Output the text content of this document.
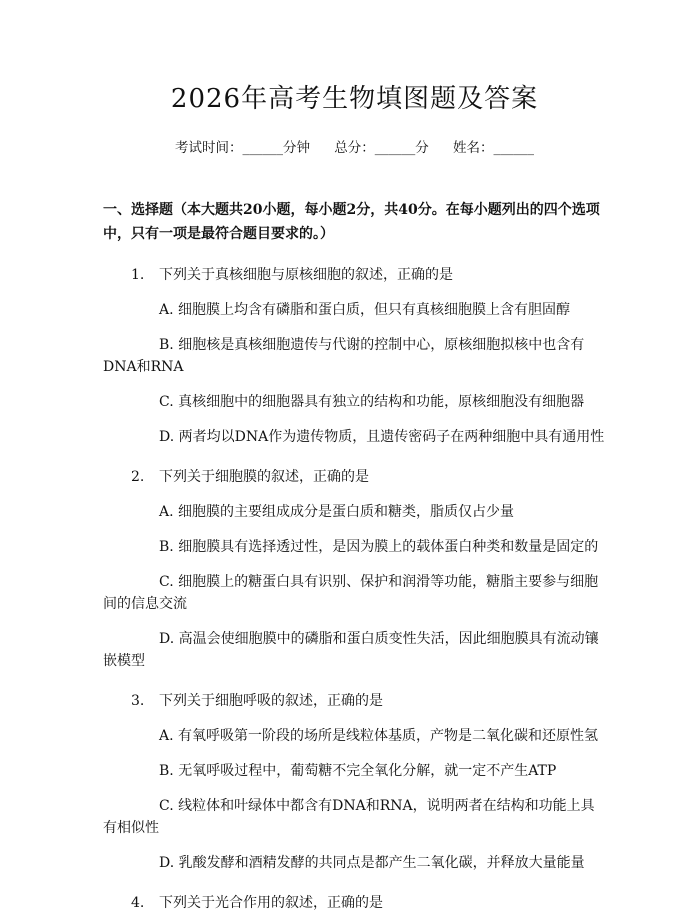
2026年高考生物填图题及答案
考试时间：______分钟 总分：______分 姓名：______
一、选择题（本大题共20小题，每小题2分，共40分。在每小题列出的四个选项中，只有一项是最符合题目要求的。）
1. 下列关于真核细胞与原核细胞的叙述，正确的是
A. 细胞膜上均含有磷脂和蛋白质，但只有真核细胞膜上含有胆固醇
B. 细胞核是真核细胞遗传与代谢的控制中心，原核细胞拟核中也含有DNA和RNA
C. 真核细胞中的细胞器具有独立的结构和功能，原核细胞没有细胞器
D. 两者均以DNA作为遗传物质，且遗传密码子在两种细胞中具有通用性
2. 下列关于细胞膜的叙述，正确的是
A. 细胞膜的主要组成成分是蛋白质和糖类，脂质仅占少量
B. 细胞膜具有选择透过性，是因为膜上的载体蛋白种类和数量是固定的
C. 细胞膜上的糖蛋白具有识别、保护和润滑等功能，糖脂主要参与细胞间的信息交流
D. 高温会使细胞膜中的磷脂和蛋白质变性失活，因此细胞膜具有流动镶嵌模型
3. 下列关于细胞呼吸的叙述，正确的是
A. 有氧呼吸第一阶段的场所是线粒体基质，产物是二氧化碳和还原性氢
B. 无氧呼吸过程中，葡萄糖不完全氧化分解，就一定不产生ATP
C. 线粒体和叶绿体中都含有DNA和RNA，说明两者在结构和功能上具有相似性
D. 乳酸发酵和酒精发酵的共同点是都产生二氧化碳，并释放大量能量
4. 下列关于光合作用的叙述，正确的是
